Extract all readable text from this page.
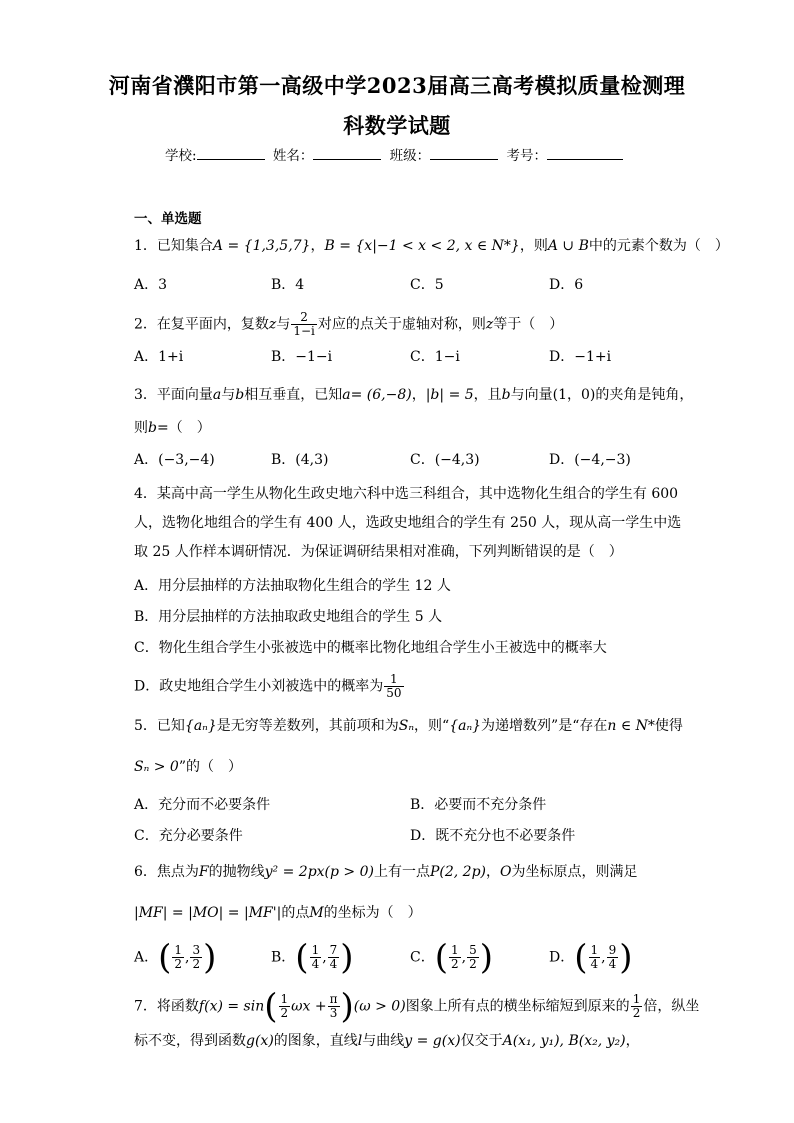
河南省濮阳市第一高级中学2023届高三高考模拟质量检测理
科数学试题
学校:	姓名：	班级：	考号：
一、单选题
1．已知集合A = {1,3,5,7}，B = {x|−1 < x < 2, x ∈ N*}，则A ∪ B中的元素个数为（　）
A．3	B．4	C．5	D．6
2．在复平面内，复数z与 $\frac{2}{1-i}$ 对应的点关于虚轴对称，则z等于（　）
A．1+i	B．−1−i	C．1−i	D．−1+i
3．平面向量a与b相互垂直，已知a= (6,−8)，|b| = 5，且b与向量(1，0)的夹角是钝角，
则b=（　）
A．(−3,−4)	B．(4,3)	C．(−4,3)	D．(−4,−3)
4．某高中高一学生从物化生政史地六科中选三科组合，其中选物化生组合的学生有 600
人，选物化地组合的学生有 400 人，选政史地组合的学生有 250 人，现从高一学生中选
取 25 人作样本调研情况．为保证调研结果相对准确，下列判断错误的是（　）
A．用分层抽样的方法抽取物化生组合的学生 12 人
B．用分层抽样的方法抽取政史地组合的学生 5 人
C．物化生组合学生小张被选中的概率比物化地组合学生小王被选中的概率大
D．政史地组合学生小刘被选中的概率为 $\frac{1}{50}$
5．已知{aₙ}是无穷等差数列，其前项和为Sₙ，则“{aₙ}为递增数列”是“存在n ∈ N*使得
Sₙ > 0”的（　）
A．充分而不必要条件	B．必要而不充分条件
C．充分必要条件	D．既不充分也不必要条件
6．焦点为F的抛物线y² = 2px(p > 0)上有一点P(2, 2p)，O为坐标原点，则满足
|MF| = |MO| = |MF'|的点M的坐标为（　）
A．( $\frac{1}{2}$ , $\frac{3}{2}$ )	B．( $\frac{1}{4}$ , $\frac{7}{4}$ )	C．( $\frac{1}{2}$ , $\frac{5}{2}$ )	D．( $\frac{1}{4}$ , $\frac{9}{4}$ )
7．将函数$f(x) = \sin( \frac{1}{2}$ $\omega x + \frac{\pi}{3} )(\omega > 0)$图象上所有点的横坐标缩短到原来的 $\frac{1}{2}$ 倍，纵坐
标不变，得到函数g(x)的图象，直线l与曲线y = g(x)仅交于A(x₁, y₁), B(x₂, y₂)，
